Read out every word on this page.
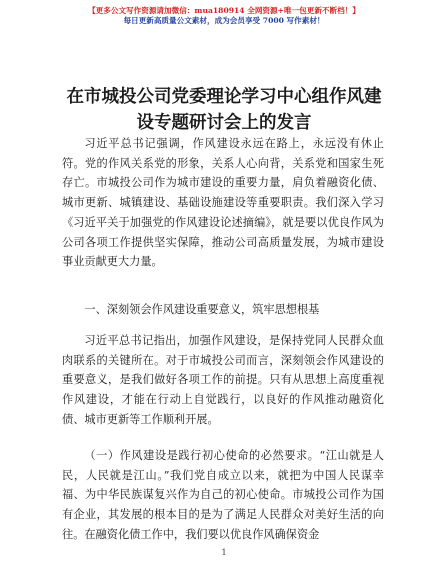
【更多公文写作资源请加微信：mua180914 全网资源+唯一包更新不断档！】
每日更新高质量公文素材，成为会员享受 7000 写作素材！
在市城投公司党委理论学习中心组作风建设专题研讨会上的发言

习近平总书记强调，作风建设永远在路上，永远没有休止符。党的作风关系党的形象，关系人心向背，关系党和国家生死存亡。市城投公司作为城市建设的重要力量，肩负着融资化债、城市更新、城镇建设、基础设施建设等重要职责。我们深入学习《习近平关于加强党的作风建设论述摘编》，就是要以优良作风为公司各项工作提供坚实保障，推动公司高质量发展，为城市建设事业贡献更大力量。

一、深刻领会作风建设重要意义，筑牢思想根基

习近平总书记指出，加强作风建设，是保持党同人民群众血肉联系的关键所在。对于市城投公司而言，深刻领会作风建设的重要意义，是我们做好各项工作的前提。只有从思想上高度重视作风建设，才能在行动上自觉践行，以良好的作风推动融资化债、城市更新等工作顺利开展。

（一）作风建设是践行初心使命的必然要求。“江山就是人民，人民就是江山。”我们党自成立以来，就把为中国人民谋幸福、为中华民族谋复兴作为自己的初心使命。市城投公司作为国有企业，其发展的根本目的是为了满足人民群众对美好生活的向往。在融资化债工作中，我们要以优良作风确保资金

1
